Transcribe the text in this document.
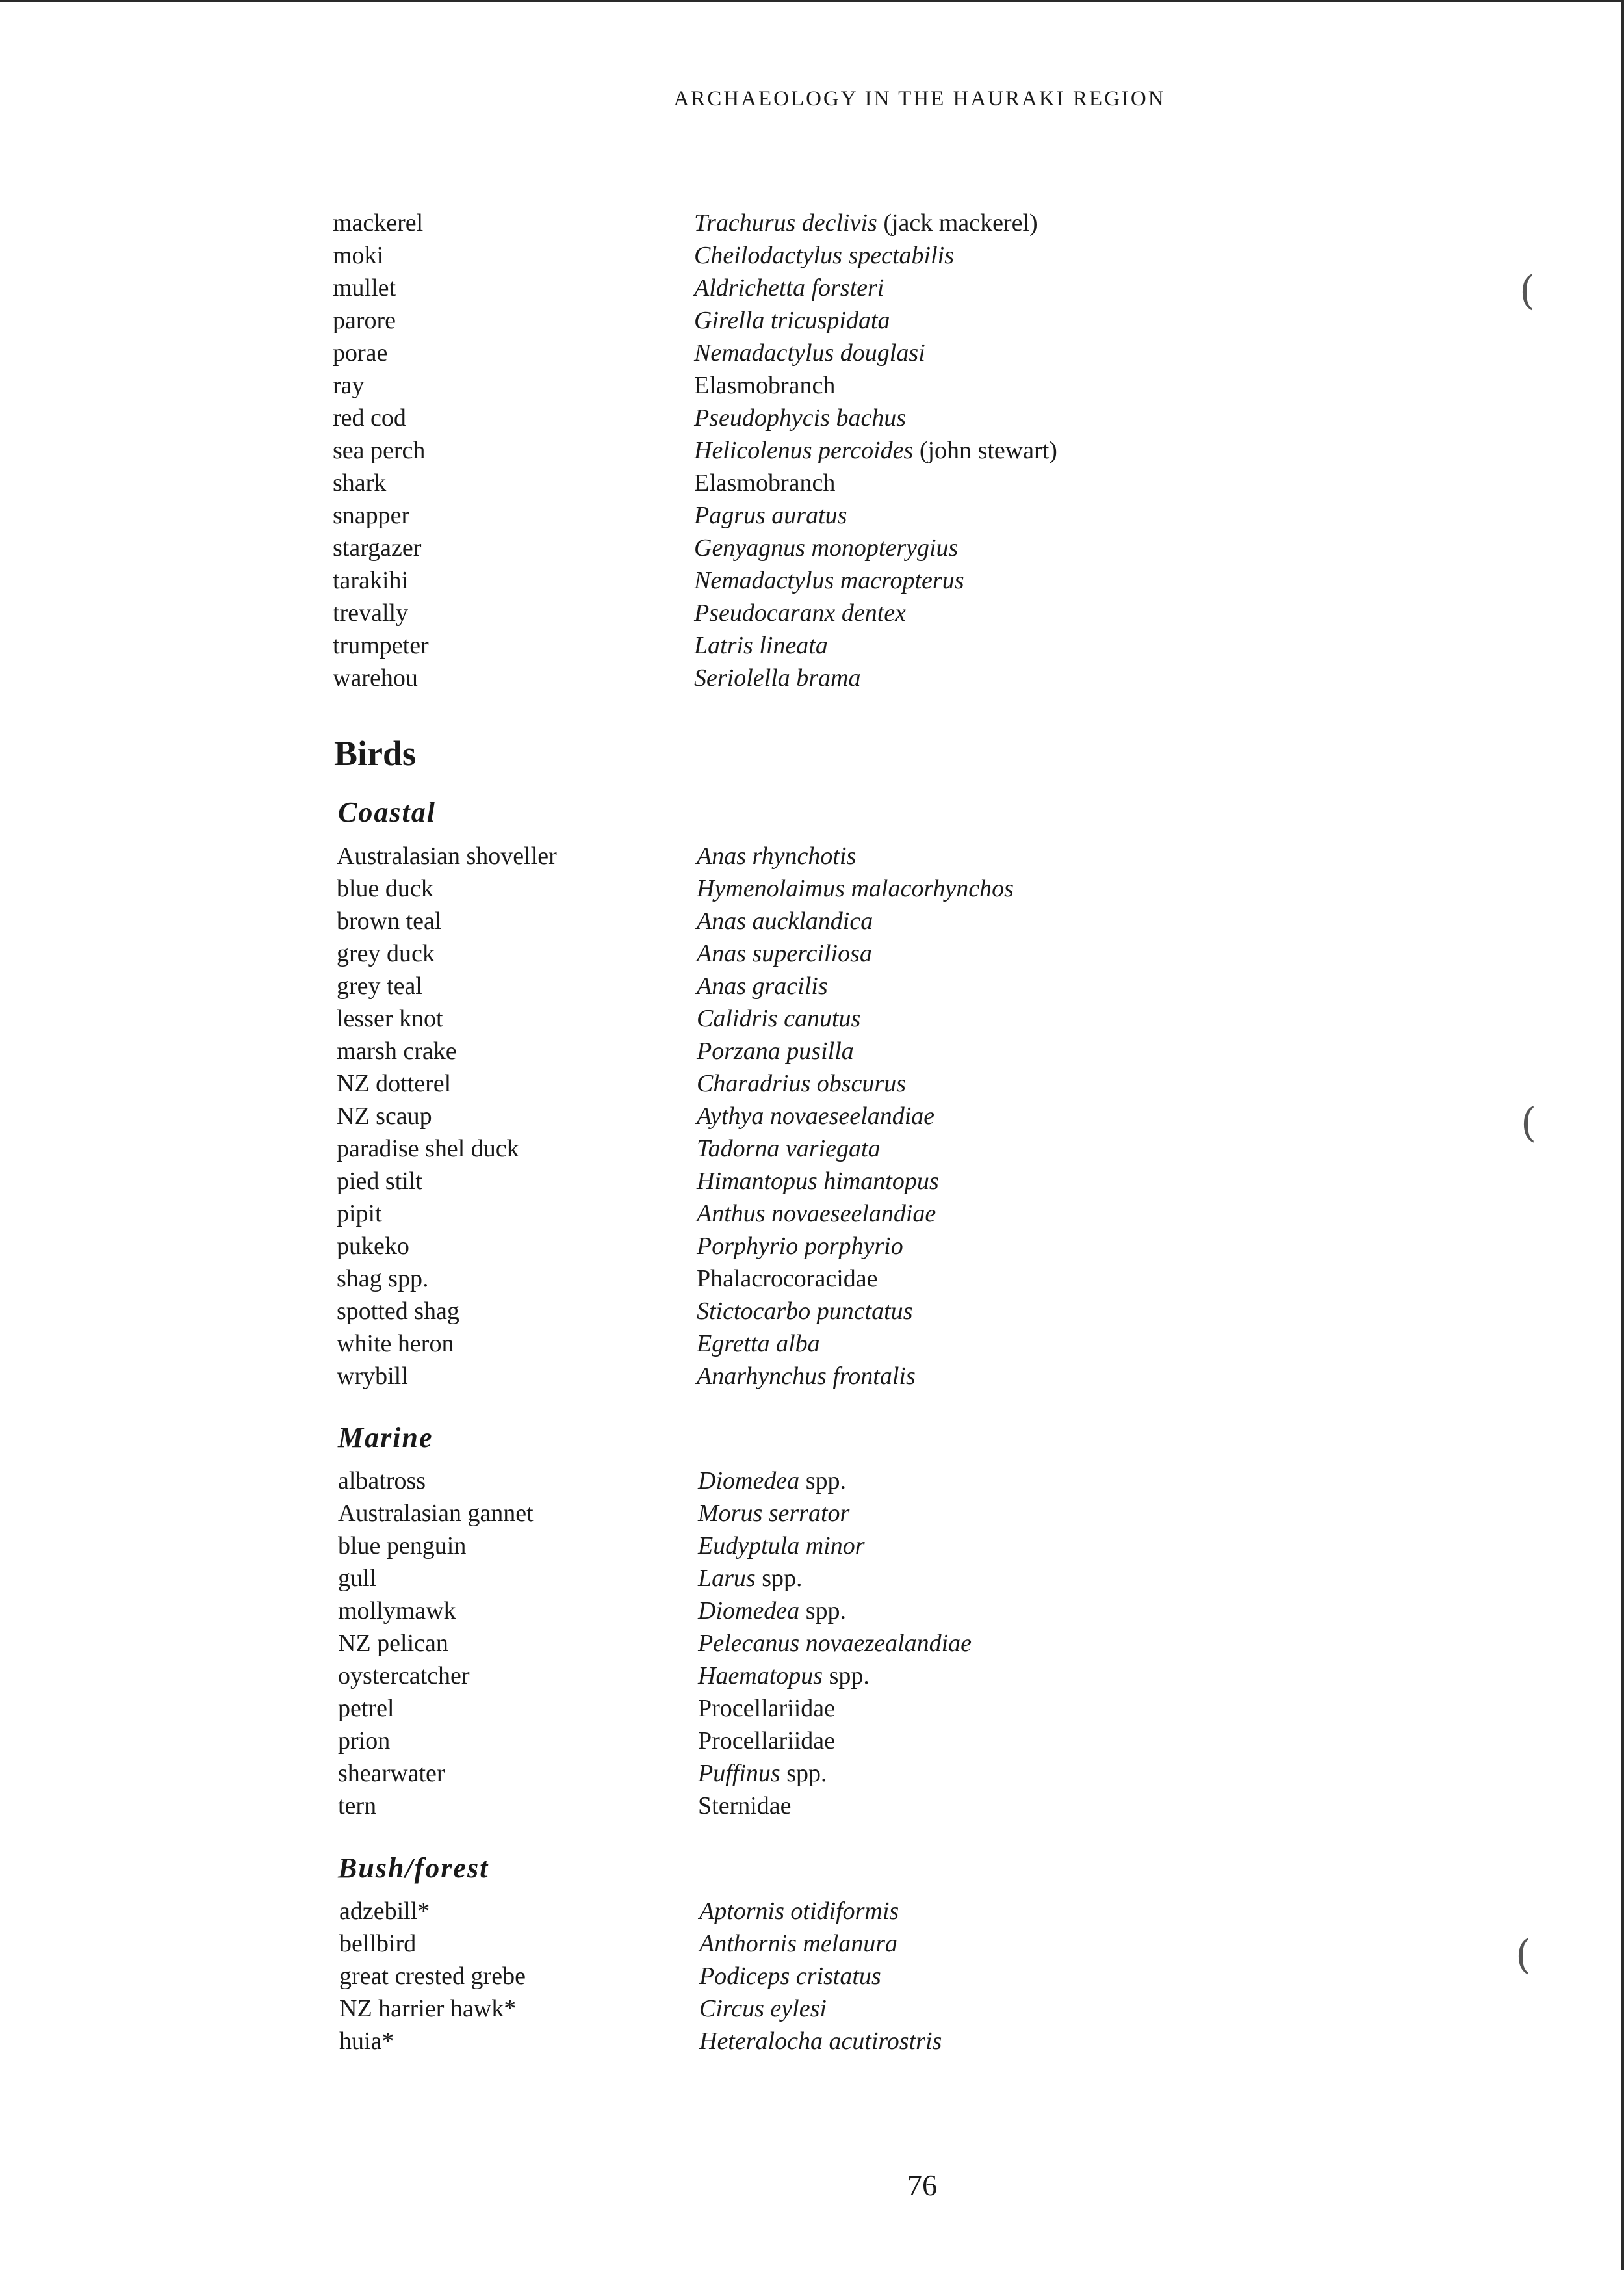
ARCHAEOLOGY IN THE HAURAKI REGION
mackerel
moki
mullet
parore
porae
ray
red cod
sea perch
shark
snapper
stargazer
tarakihi
trevally
trumpeter
warehou
Trachurus declivis (jack mackerel)
Cheilodactylus spectabilis
Aldrichetta forsteri
Girella tricuspidata
Nemadactylus douglasi
Elasmobranch
Pseudophycis bachus
Helicolenus percoides (john stewart)
Elasmobranch
Pagrus auratus
Genyagnus monopterygius
Nemadactylus macropterus
Pseudocaranx dentex
Latris lineata
Seriolella brama
Birds
Coastal
Australasian shoveller
blue duck
brown teal
grey duck
grey teal
lesser knot
marsh crake
NZ dotterel
NZ scaup
paradise shel duck
pied stilt
pipit
pukeko
shag spp.
spotted shag
white heron
wrybill
Anas rhynchotis
Hymenolaimus malacorhynchos
Anas aucklandica
Anas superciliosa
Anas gracilis
Calidris canutus
Porzana pusilla
Charadrius obscurus
Aythya novaeseelandiae
Tadorna variegata
Himantopus himantopus
Anthus novaeseelandiae
Porphyrio porphyrio
Phalacrocoracidae
Stictocarbo punctatus
Egretta alba
Anarhynchus frontalis
Marine
albatross
Australasian gannet
blue penguin
gull
mollymawk
NZ pelican
oystercatcher
petrel
prion
shearwater
tern
Diomedea spp.
Morus serrator
Eudyptula minor
Larus spp.
Diomedea spp.
Pelecanus novaezealandiae
Haematopus spp.
Procellariidae
Procellariidae
Puffinus spp.
Sternidae
Bush/forest
adzebill*
bellbird
great crested grebe
NZ harrier hawk*
huia*
Aptornis otidiformis
Anthornis melanura
Podiceps cristatus
Circus eylesi
Heteralocha acutirostris
76
(
(
(
